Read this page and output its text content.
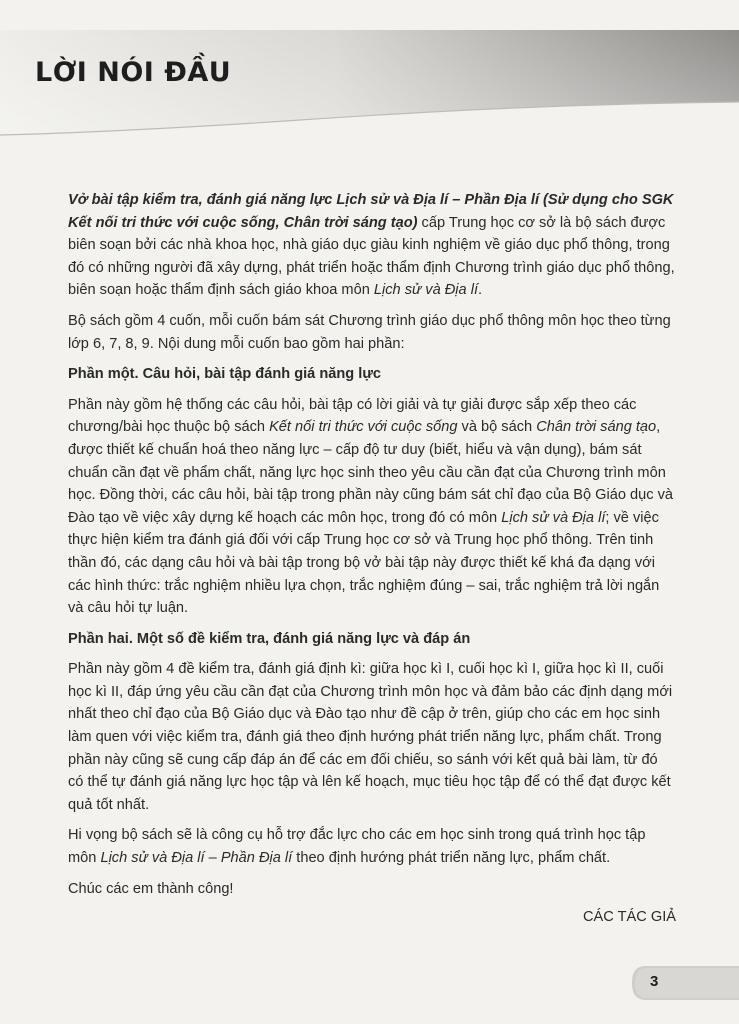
LỜI NÓI ĐẦU

Vở bài tập kiểm tra, đánh giá năng lực Lịch sử và Địa lí – Phần Địa lí (Sử dụng cho SGK Kết nối tri thức với cuộc sống, Chân trời sáng tạo) cấp Trung học cơ sở là bộ sách được biên soạn bởi các nhà khoa học, nhà giáo dục giàu kinh nghiệm về giáo dục phổ thông, trong đó có những người đã xây dựng, phát triển hoặc thẩm định Chương trình giáo dục phổ thông, biên soạn hoặc thẩm định sách giáo khoa môn Lịch sử và Địa lí.

Bộ sách gồm 4 cuốn, mỗi cuốn bám sát Chương trình giáo dục phổ thông môn học theo từng lớp 6, 7, 8, 9. Nội dung mỗi cuốn bao gồm hai phần:

Phần một. Câu hỏi, bài tập đánh giá năng lực

Phần này gồm hệ thống các câu hỏi, bài tập có lời giải và tự giải được sắp xếp theo các chương/bài học thuộc bộ sách Kết nối tri thức với cuộc sống và bộ sách Chân trời sáng tạo, được thiết kế chuẩn hoá theo năng lực – cấp độ tư duy (biết, hiểu và vận dụng), bám sát chuẩn cần đạt về phẩm chất, năng lực học sinh theo yêu cầu cần đạt của Chương trình môn học. Đồng thời, các câu hỏi, bài tập trong phần này cũng bám sát chỉ đạo của Bộ Giáo dục và Đào tạo về việc xây dựng kế hoạch các môn học, trong đó có môn Lịch sử và Địa lí; về việc thực hiện kiểm tra đánh giá đối với cấp Trung học cơ sở và Trung học phổ thông. Trên tinh thần đó, các dạng câu hỏi và bài tập trong bộ vở bài tập này được thiết kế khá đa dạng với các hình thức: trắc nghiệm nhiều lựa chọn, trắc nghiệm đúng – sai, trắc nghiệm trả lời ngắn và câu hỏi tự luận.

Phần hai. Một số đề kiểm tra, đánh giá năng lực và đáp án

Phần này gồm 4 đề kiểm tra, đánh giá định kì: giữa học kì I, cuối học kì I, giữa học kì II, cuối học kì II, đáp ứng yêu cầu cần đạt của Chương trình môn học và đảm bảo các định dạng mới nhất theo chỉ đạo của Bộ Giáo dục và Đào tạo như đề cập ở trên, giúp cho các em học sinh làm quen với việc kiểm tra, đánh giá theo định hướng phát triển năng lực, phẩm chất. Trong phần này cũng sẽ cung cấp đáp án để các em đối chiếu, so sánh với kết quả bài làm, từ đó có thể tự đánh giá năng lực học tập và lên kế hoạch, mục tiêu học tập để có thể đạt được kết quả tốt nhất.

Hi vọng bộ sách sẽ là công cụ hỗ trợ đắc lực cho các em học sinh trong quá trình học tập môn Lịch sử và Địa lí – Phần Địa lí theo định hướng phát triển năng lực, phẩm chất.

Chúc các em thành công!

CÁC TÁC GIẢ

3
